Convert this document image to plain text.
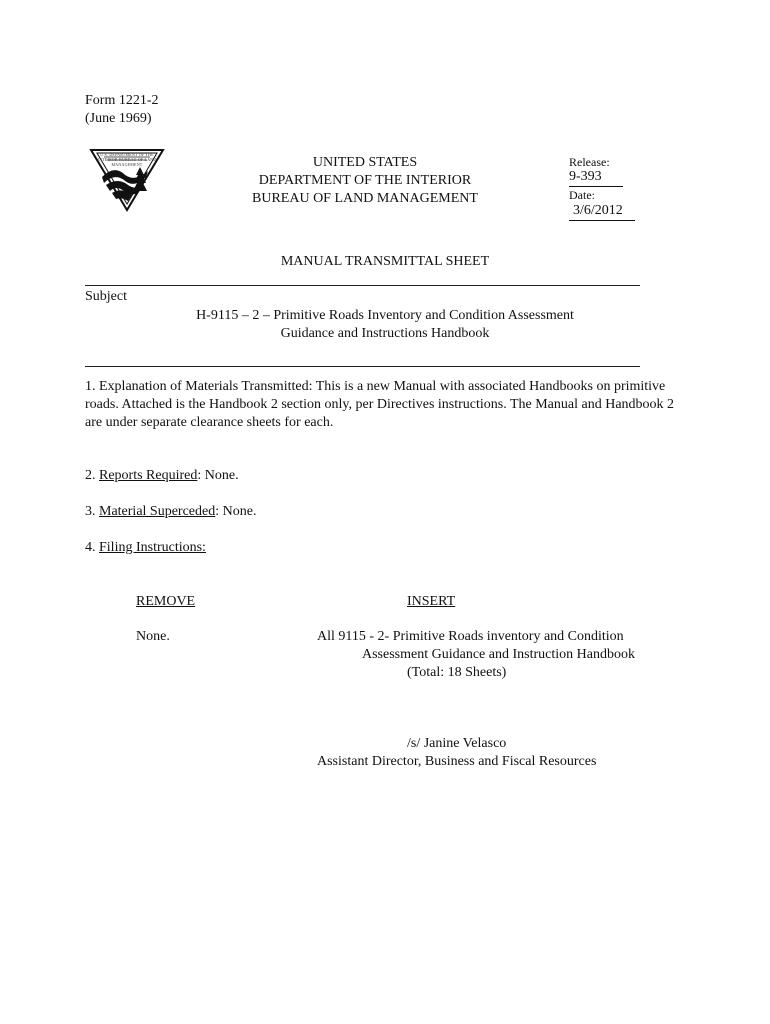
Form 1221-2
(June 1969)
U.S. DEPARTMENT OF THE INTERIOR BUREAU OF LAND MANAGEMENT	UNITED STATES
DEPARTMENT OF THE INTERIOR
BUREAU OF LAND MANAGEMENT
Release:
9-393
Date:
3/6/2012
MANUAL TRANSMITTAL SHEET
Subject
H-9115 – 2 – Primitive Roads Inventory and Condition Assessment
Guidance and Instructions Handbook
1. Explanation of Materials Transmitted: This is a new Manual with associated Handbooks on primitive roads. Attached is the Handbook 2 section only, per Directives instructions. The Manual and Handbook 2 are under separate clearance sheets for each.
2. Reports Required: None.
3. Material Superceded: None.
4. Filing Instructions:
REMOVE	INSERT
None.	All 9115 - 2- Primitive Roads inventory and Condition
Assessment Guidance and Instruction Handbook
(Total: 18 Sheets)
/s/ Janine Velasco
Assistant Director, Business and Fiscal Resources
